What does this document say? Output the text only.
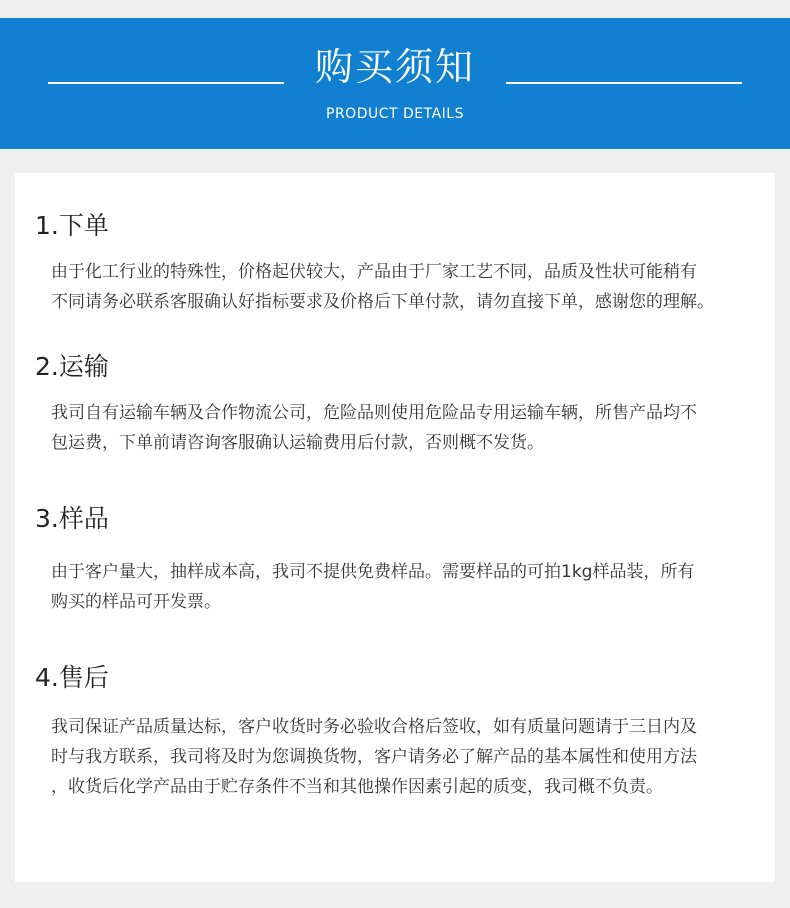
购买须知
PRODUCT DETAILS
1.下单
由于化工行业的特殊性，价格起伏较大，产品由于厂家工艺不同，品质及性状可能稍有
不同请务必联系客服确认好指标要求及价格后下单付款，请勿直接下单，感谢您的理解。
2.运输
我司自有运输车辆及合作物流公司，危险品则使用危险品专用运输车辆，所售产品均不
包运费，下单前请咨询客服确认运输费用后付款，否则概不发货。
3.样品
由于客户量大，抽样成本高，我司不提供免费样品。需要样品的可拍1kg样品装，所有
购买的样品可开发票。
4.售后
我司保证产品质量达标，客户收货时务必验收合格后签收，如有质量问题请于三日内及
时与我方联系，我司将及时为您调换货物，客户请务必了解产品的基本属性和使用方法
，收货后化学产品由于贮存条件不当和其他操作因素引起的质变，我司概不负责。
